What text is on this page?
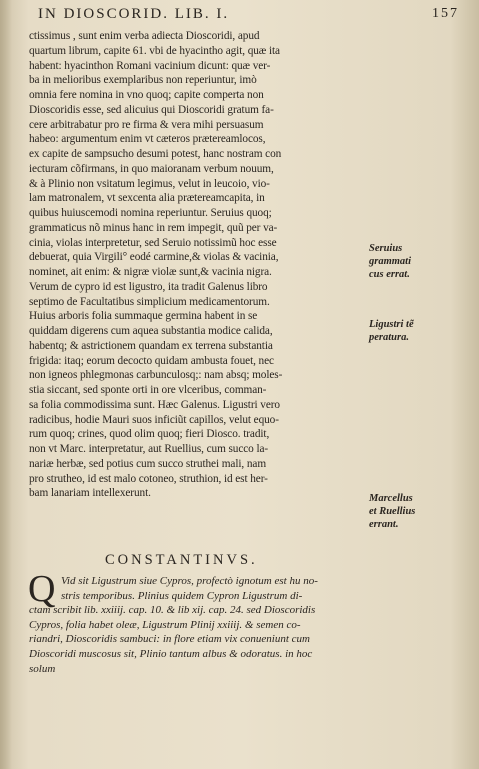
IN DIOSCORID. LIB. I.	157
ctissimus , sunt enim verba adiecta Dioscoridi, apud
quartum librum, capite 61. vbi de hyacintho agit, quæ ita
habent: hyacinthon Romani vacinium dicunt: quæ ver-
ba in melioribus exemplaribus non reperiuntur, imò
omnia fere nomina in vno quoq; capite comperta non
Dioscoridis esse, sed alicuius qui Dioscoridi gratum fa-
cere arbitrabatur pro re firma & vera mihi persuasum
habeo: argumentum enim vt cæteros prætereamlocos,
ex capite de sampsucho desumi potest, hanc nostram con
iecturam cõfirmans, in quo maioranam verbum nouum,
& à Plinio non vsitatum legimus, velut in leucoio, vio-
lam matronalem, vt sexcenta alia prætereamcapita, in
quibus huiuscemodi nomina reperiuntur. Seruius quoq;
grammaticus nõ minus hanc in rem impegit, quũ per va-
cinia, violas interpretetur, sed Seruio notissimũ hoc esse
debuerat, quia Virgili° eodé carmine,& violas & vacinia,
nominet, ait enim: & nigræ violæ sunt,& vacinia nigra.
Verum de cypro id est ligustro, ita tradit Galenus libro
septimo de Facultatibus simplicium medicamentorum.
Huius arboris folia summaque germina habent in se
quiddam digerens cum aquea substantia modice calida,
habentq; & astrictionem quandam ex terrena substantia
frigida: itaq; eorum decocto quidam ambusta fouet, nec
non igneos phlegmonas carbunculosq;: nam absq; moles-
stia siccant, sed sponte orti in ore vlceribus, comman-
sa folia commodissima sunt. Hæc Galenus. Ligustri vero
radicibus, hodie Mauri suos inficiũt capillos, velut equo-
rum quoq; crines, quod olim quoq; fieri Diosco. tradit,
non vt Marc. interpretatur, aut Ruellius, cum succo la-
nariæ herbæ, sed potius cum succo struthei mali, nam
pro strutheo, id est malo cotoneo, struthion, id est her-
bam lanariam intellexerunt.
Seruius
grammati
cus errat.
Ligustri tẽ
peratura.
Marcellus
et Ruellius
errant.
CONSTANTINVS.
Q Vid sit Ligustrum siue Cypros, profectò ignotum est hu no-
stris temporibus. Plinius quidem Cypron Ligustrum di-
ctam scribit lib. xxiiij. cap. 10. & lib xij. cap. 24. sed Dioscoridis
Cypros, folia habet oleæ, Ligustrum Plinij xxiiij. & semen co-
riandri, Dioscoridis sambuci: in flore etiam vix conueniunt cum
Dioscoridi muscosus sit, Plinio tantum albus & odoratus. in hoc
solum
